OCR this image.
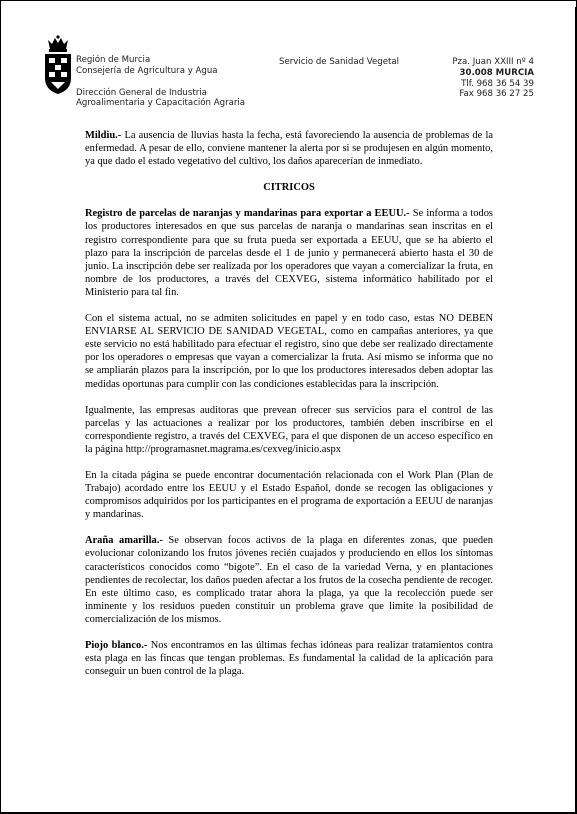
Región de Murcia
Consejería de Agricultura y Agua
Dirección General de Industria
Agroalimentaria y Capacitación Agraria
Servicio de Sanidad Vegetal	Pza. Juan XXIII nº 4
30.008 MURCIA
Tlf. 968 36 54 39
Fax 968 36 27 25

Mildiu.- La ausencia de lluvias hasta la fecha, está favoreciendo la ausencia de problemas de la enfermedad. A pesar de ello, conviene mantener la alerta por si se produjesen en algún momento, ya que dado el estado vegetativo del cultivo, los daños aparecerían de inmediato.

CITRICOS

Registro de parcelas de naranjas y mandarinas para exportar a EEUU.- Se informa a todos los productores interesados en que sus parcelas de naranja o mandarinas sean inscritas en el registro correspondiente para que su fruta pueda ser exportada a EEUU, que se ha abierto el plazo para la inscripción de parcelas desde el 1 de junio y permanecerá abierto hasta el 30 de junio. La inscripción debe ser realizada por los operadores que vayan a comercializar la fruta, en nombre de los productores, a través del CEXVEG, sistema informático habilitado por el Ministerio para tal fin.

Con el sistema actual, no se admiten solicitudes en papel y en todo caso, estas NO DEBEN ENVIARSE AL SERVICIO DE SANIDAD VEGETAL, como en campañas anteriores, ya que este servicio no está habilitado para efectuar el registro, sino que debe ser realizado directamente por los operadores o empresas que vayan a comercializar la fruta. Así mismo se informa que no se ampliarán plazos para la inscripción, por lo que los productores interesados deben adoptar las medidas oportunas para cumplir con las condiciones establecidas para la inscripción.

Igualmente, las empresas auditoras que prevean ofrecer sus servicios para el control de las parcelas y las actuaciones a realizar por los productores, también deben inscribirse en el correspondiente registro, a través del CEXVEG, para el que disponen de un acceso específico en la página http://programasnet.magrama.es/cexveg/inicio.aspx

En la citada página se puede encontrar documentación relacionada con el Work Plan (Plan de Trabajo) acordado entre los EEUU y el Estado Español, donde se recogen las obligaciones y compromisos adquiridos por los participantes en el programa de exportación a EEUU de naranjas y mandarinas.

Araña amarilla.- Se observan focos activos de la plaga en diferentes zonas, que pueden evolucionar colonizando los frutos jóvenes recién cuajados y produciendo en ellos los síntomas característicos conocidos como “bigote”. En el caso de la variedad Verna, y en plantaciones pendientes de recolectar, los daños pueden afectar a los frutos de la cosecha pendiente de recoger. En este último caso, es complicado tratar ahora la plaga, ya que la recolección puede ser inminente y los residuos pueden constituir un problema grave que limite la posibilidad de comercialización de los mismos.

Piojo blanco.- Nos encontramos en las últimas fechas idóneas para realizar tratamientos contra esta plaga en las fincas que tengan problemas. Es fundamental la calidad de la aplicación para conseguir un buen control de la plaga.
